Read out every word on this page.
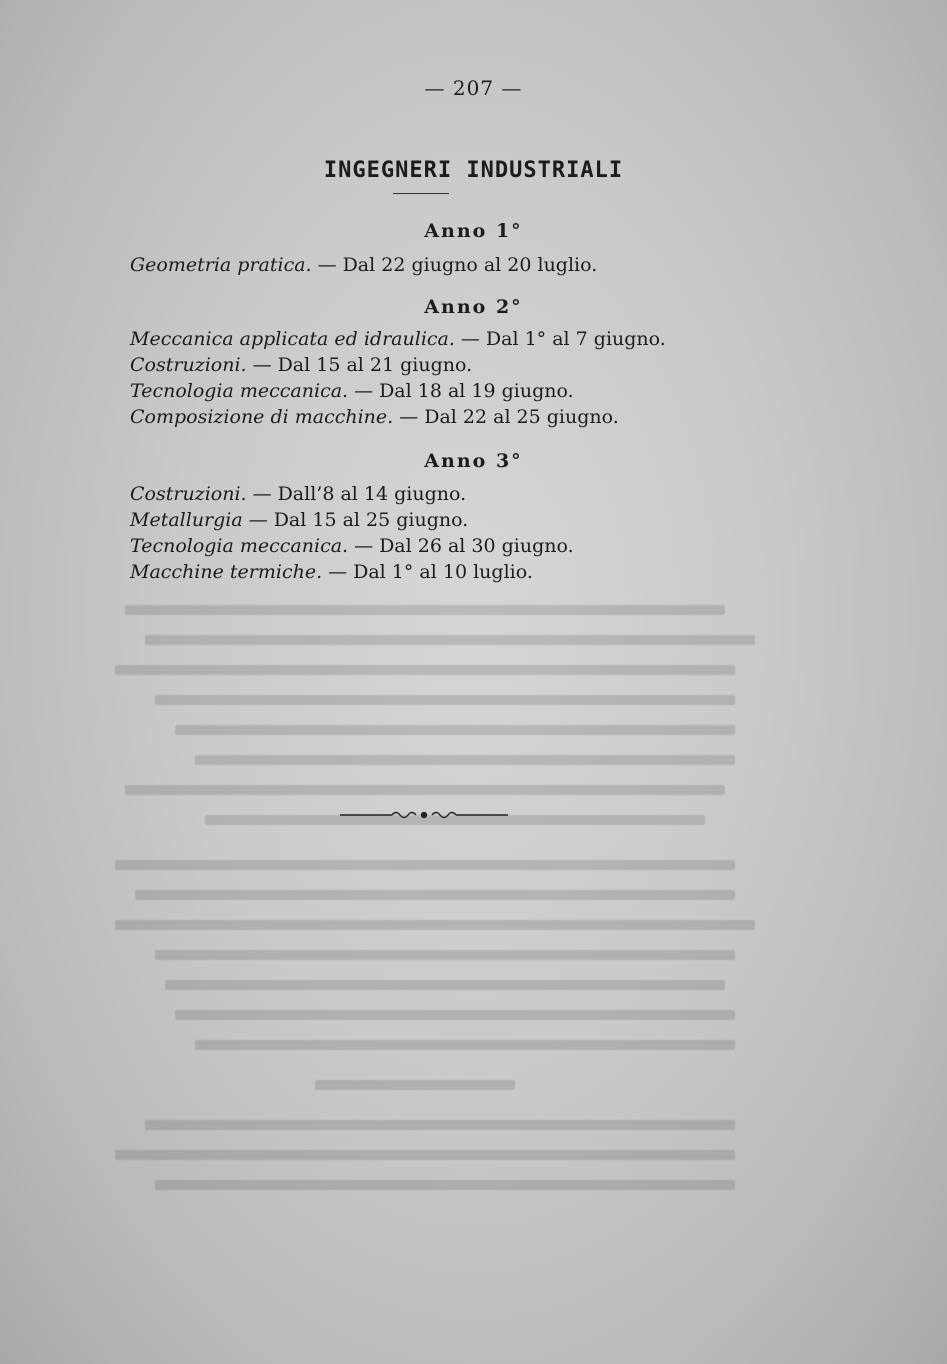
— 207 —
INGEGNERI INDUSTRIALI
Anno 1°
Geometria pratica. — Dal 22 giugno al 20 luglio.
Anno 2°
Meccanica applicata ed idraulica. — Dal 1° al 7 giugno.
Costruzioni. — Dal 15 al 21 giugno.
Tecnologia meccanica. — Dal 18 al 19 giugno.
Composizione di macchine. — Dal 22 al 25 giugno.
Anno 3°
Costruzioni. — Dall’8 al 14 giugno.
Metallurgia — Dal 15 al 25 giugno.
Tecnologia meccanica. — Dal 26 al 30 giugno.
Macchine termiche. — Dal 1° al 10 luglio.
